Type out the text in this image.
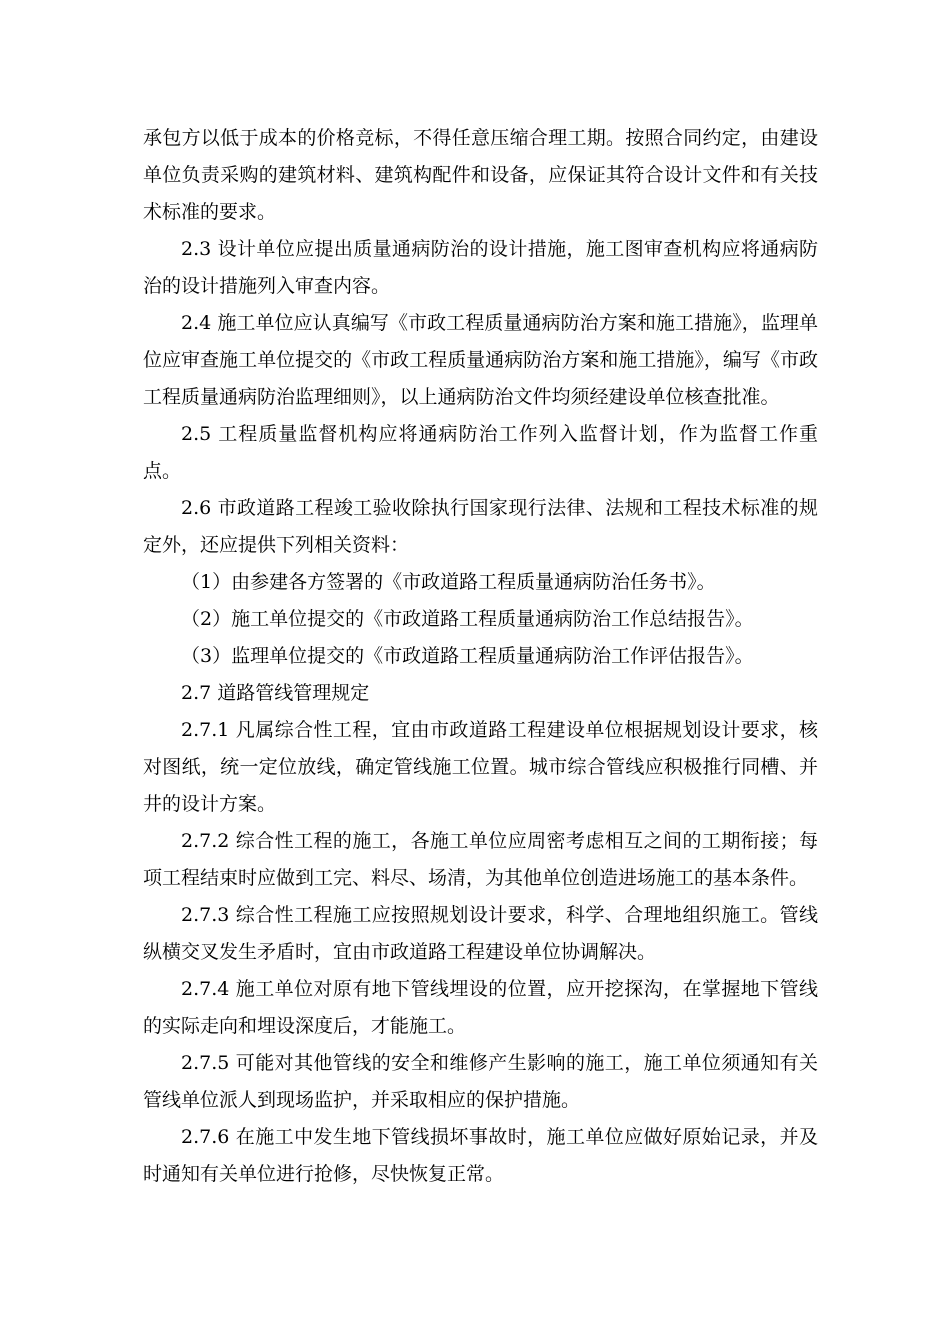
承包方以低于成本的价格竞标，不得任意压缩合理工期。按照合同约定，由建设单位负责采购的建筑材料、建筑构配件和设备，应保证其符合设计文件和有关技术标准的要求。

2.3 设计单位应提出质量通病防治的设计措施，施工图审查机构应将通病防治的设计措施列入审查内容。

2.4 施工单位应认真编写《市政工程质量通病防治方案和施工措施》，监理单位应审查施工单位提交的《市政工程质量通病防治方案和施工措施》，编写《市政工程质量通病防治监理细则》，以上通病防治文件均须经建设单位核查批准。

2.5 工程质量监督机构应将通病防治工作列入监督计划，作为监督工作重点。

2.6 市政道路工程竣工验收除执行国家现行法律、法规和工程技术标准的规定外，还应提供下列相关资料：

（1）由参建各方签署的《市政道路工程质量通病防治任务书》。

（2）施工单位提交的《市政道路工程质量通病防治工作总结报告》。

（3）监理单位提交的《市政道路工程质量通病防治工作评估报告》。

2.7 道路管线管理规定

2.7.1 凡属综合性工程，宜由市政道路工程建设单位根据规划设计要求，核对图纸，统一定位放线，确定管线施工位置。城市综合管线应积极推行同槽、并井的设计方案。

2.7.2 综合性工程的施工，各施工单位应周密考虑相互之间的工期衔接；每项工程结束时应做到工完、料尽、场清，为其他单位创造进场施工的基本条件。

2.7.3 综合性工程施工应按照规划设计要求，科学、合理地组织施工。管线纵横交叉发生矛盾时，宜由市政道路工程建设单位协调解决。

2.7.4 施工单位对原有地下管线埋设的位置，应开挖探沟，在掌握地下管线的实际走向和埋设深度后，才能施工。

2.7.5 可能对其他管线的安全和维修产生影响的施工，施工单位须通知有关管线单位派人到现场监护，并采取相应的保护措施。

2.7.6 在施工中发生地下管线损坏事故时，施工单位应做好原始记录，并及时通知有关单位进行抢修，尽快恢复正常。
